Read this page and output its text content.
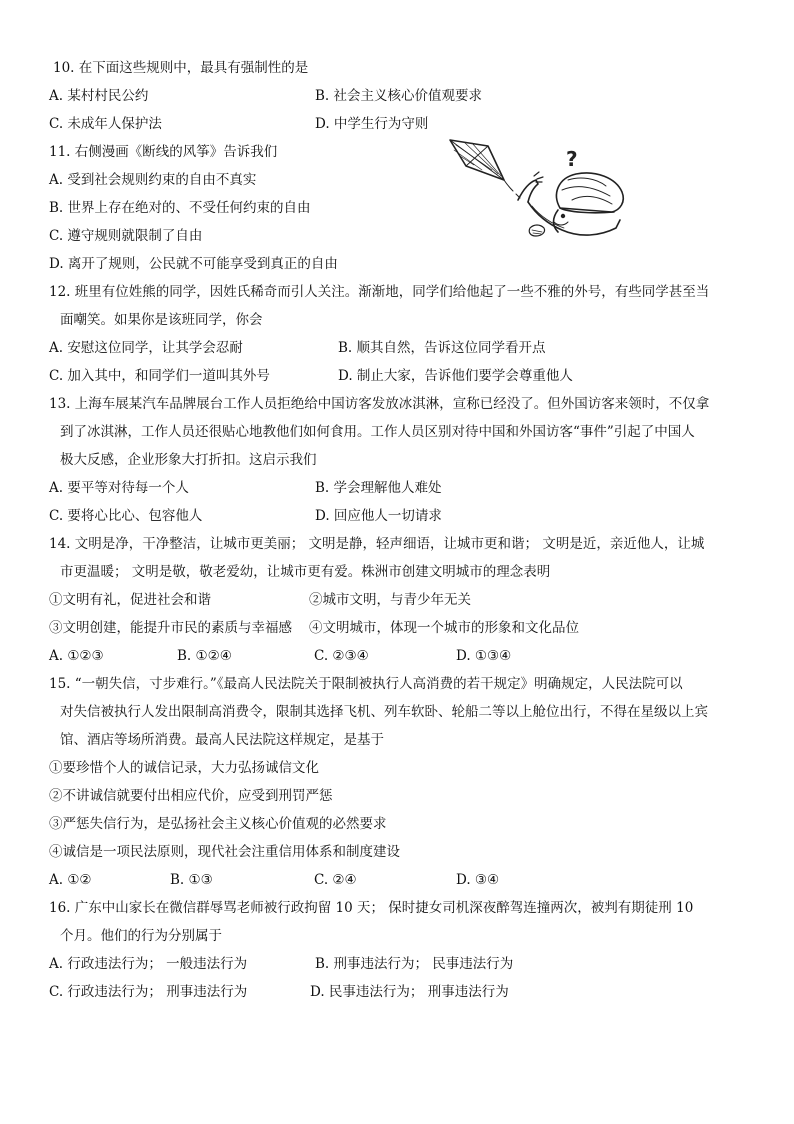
10. 在下面这些规则中，最具有强制性的是
A. 某村村民公约	B. 社会主义核心价值观要求
C. 未成年人保护法	D. 中学生行为守则
11. 右侧漫画《断线的风筝》告诉我们
A. 受到社会规则约束的自由不真实
B. 世界上存在绝对的、不受任何约束的自由
C. 遵守规则就限制了自由
D. 离开了规则，公民就不可能享受到真正的自由
?
12. 班里有位姓熊的同学，因姓氏稀奇而引人关注。渐渐地，同学们给他起了一些不雅的外号，有些同学甚至当
面嘲笑。如果你是该班同学，你会
A. 安慰这位同学，让其学会忍耐	B. 顺其自然，告诉这位同学看开点
C. 加入其中，和同学们一道叫其外号	D. 制止大家，告诉他们要学会尊重他人
13. 上海车展某汽车品牌展台工作人员拒绝给中国访客发放冰淇淋，宣称已经没了。但外国访客来领时，不仅拿
到了冰淇淋，工作人员还很贴心地教他们如何食用。工作人员区别对待中国和外国访客“事件”引起了中国人
极大反感，企业形象大打折扣。这启示我们
A. 要平等对待每一个人	B. 学会理解他人难处
C. 要将心比心、包容他人	D. 回应他人一切请求
14. 文明是净，干净整洁，让城市更美丽； 文明是静，轻声细语，让城市更和谐； 文明是近，亲近他人，让城
市更温暖； 文明是敬，敬老爱幼，让城市更有爱。株洲市创建文明城市的理念表明
①文明有礼，促进社会和谐	②城市文明，与青少年无关
③文明创建，能提升市民的素质与幸福感 ④文明城市，体现一个城市的形象和文化品位
A. ①②③	B. ①②④	C. ②③④	D. ①③④
15. “一朝失信，寸步难行。”《最高人民法院关于限制被执行人高消费的若干规定》明确规定，人民法院可以
对失信被执行人发出限制高消费令，限制其选择飞机、列车软卧、轮船二等以上舱位出行，不得在星级以上宾
馆、酒店等场所消费。最高人民法院这样规定，是基于
①要珍惜个人的诚信记录，大力弘扬诚信文化
②不讲诚信就要付出相应代价，应受到刑罚严惩
③严惩失信行为，是弘扬社会主义核心价值观的必然要求
④诚信是一项民法原则，现代社会注重信用体系和制度建设
A. ①②	B. ①③	C. ②④	D. ③④
16. 广东中山家长在微信群辱骂老师被行政拘留 10 天； 保时捷女司机深夜醉驾连撞两次，被判有期徒刑 10
个月。他们的行为分别属于
A. 行政违法行为； 一般违法行为	B. 刑事违法行为； 民事违法行为
C. 行政违法行为； 刑事违法行为	D. 民事违法行为； 刑事违法行为
